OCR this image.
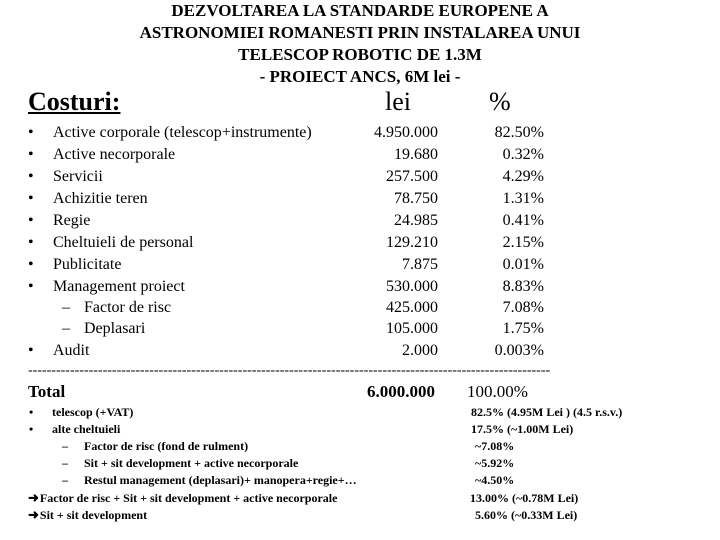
DEZVOLTAREA LA STANDARDE EUROPENE A
ASTRONOMIEI ROMANESTI PRIN INSTALAREA UNUI
TELESCOP ROBOTIC DE 1.3M
- PROIECT ANCS, 6M lei -
Costuri:	lei	%
• Active corporale (telescop+instrumente)	4.950.000	82.50%
• Active necorporale	19.680	0.32%
• Servicii	257.500	4.29%
• Achizitie teren	78.750	1.31%
• Regie	24.985	0.41%
• Cheltuieli de personal	129.210	2.15%
• Publicitate	7.875	0.01%
• Management proiect	530.000	8.83%
– Factor de risc	425.000	7.08%
– Deplasari	105.000	1.75%
• Audit	2.000	0.003%
----------------------------------------------------------------------------------------------------------------
Total	6.000.000 100.00%
• telescop (+VAT)	82.5% (4.95M Lei ) (4.5 r.s.v.)
• alte cheltuieli	17.5% (~1.00M Lei)
– Factor de risc (fond de rulment)	~7.08%
– Sit + sit development + active necorporale	~5.92%
– Restul management (deplasari)+ manopera+regie+…	~4.50%
➜Factor de risc + Sit + sit development + active necorporale	13.00% (~0.78M Lei)
➜Sit + sit development	5.60% (~0.33M Lei)
